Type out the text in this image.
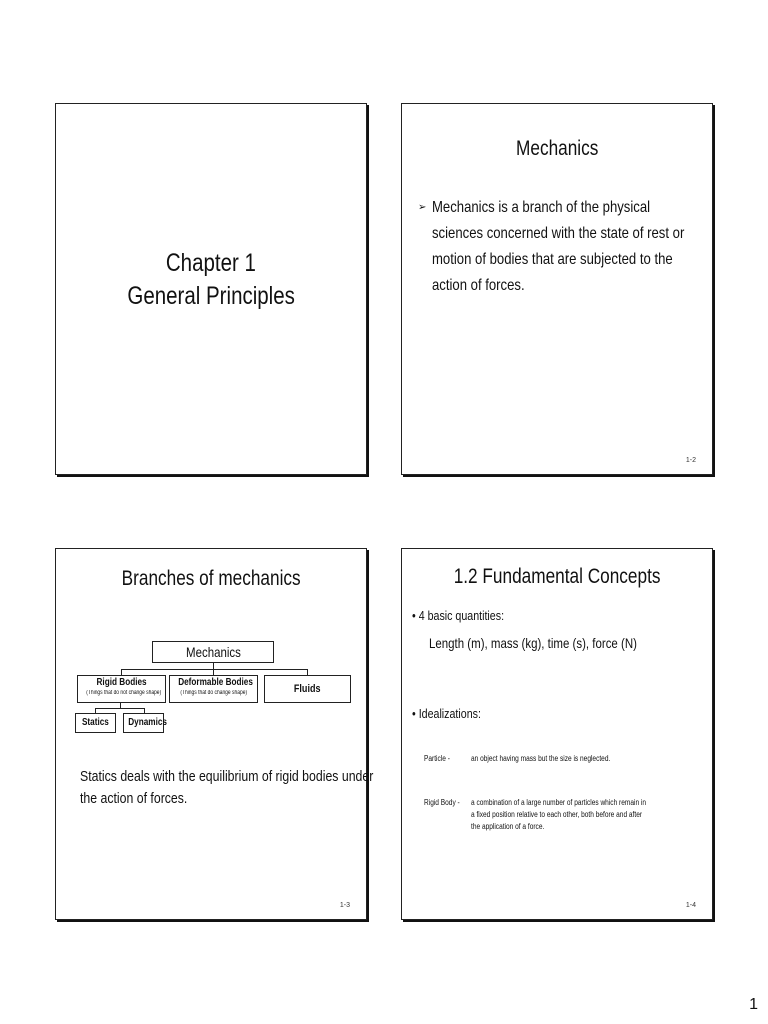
Chapter 1
General Principles
Mechanics
➢ Mechanics is a branch of the physical
sciences concerned with the state of rest or
motion of bodies that are subjected to the
action of forces.
1-2
Branches of mechanics
Mechanics
Rigid Bodies
(Things that do not change shape)
Deformable Bodies
(Things that do change shape)	Fluids
Statics	Dynamics
Statics deals with the equilibrium of rigid bodies under
the action of forces.
1-3
1.2 Fundamental Concepts
• 4 basic quantities:
Length (m), mass (kg), time (s), force (N)
• Idealizations:
Particle -	an object having mass but the size is neglected.
Rigid Body -	a combination of a large number of particles which remain in
a fixed position relative to each other, both before and after
the application of a force.
1-4
1
